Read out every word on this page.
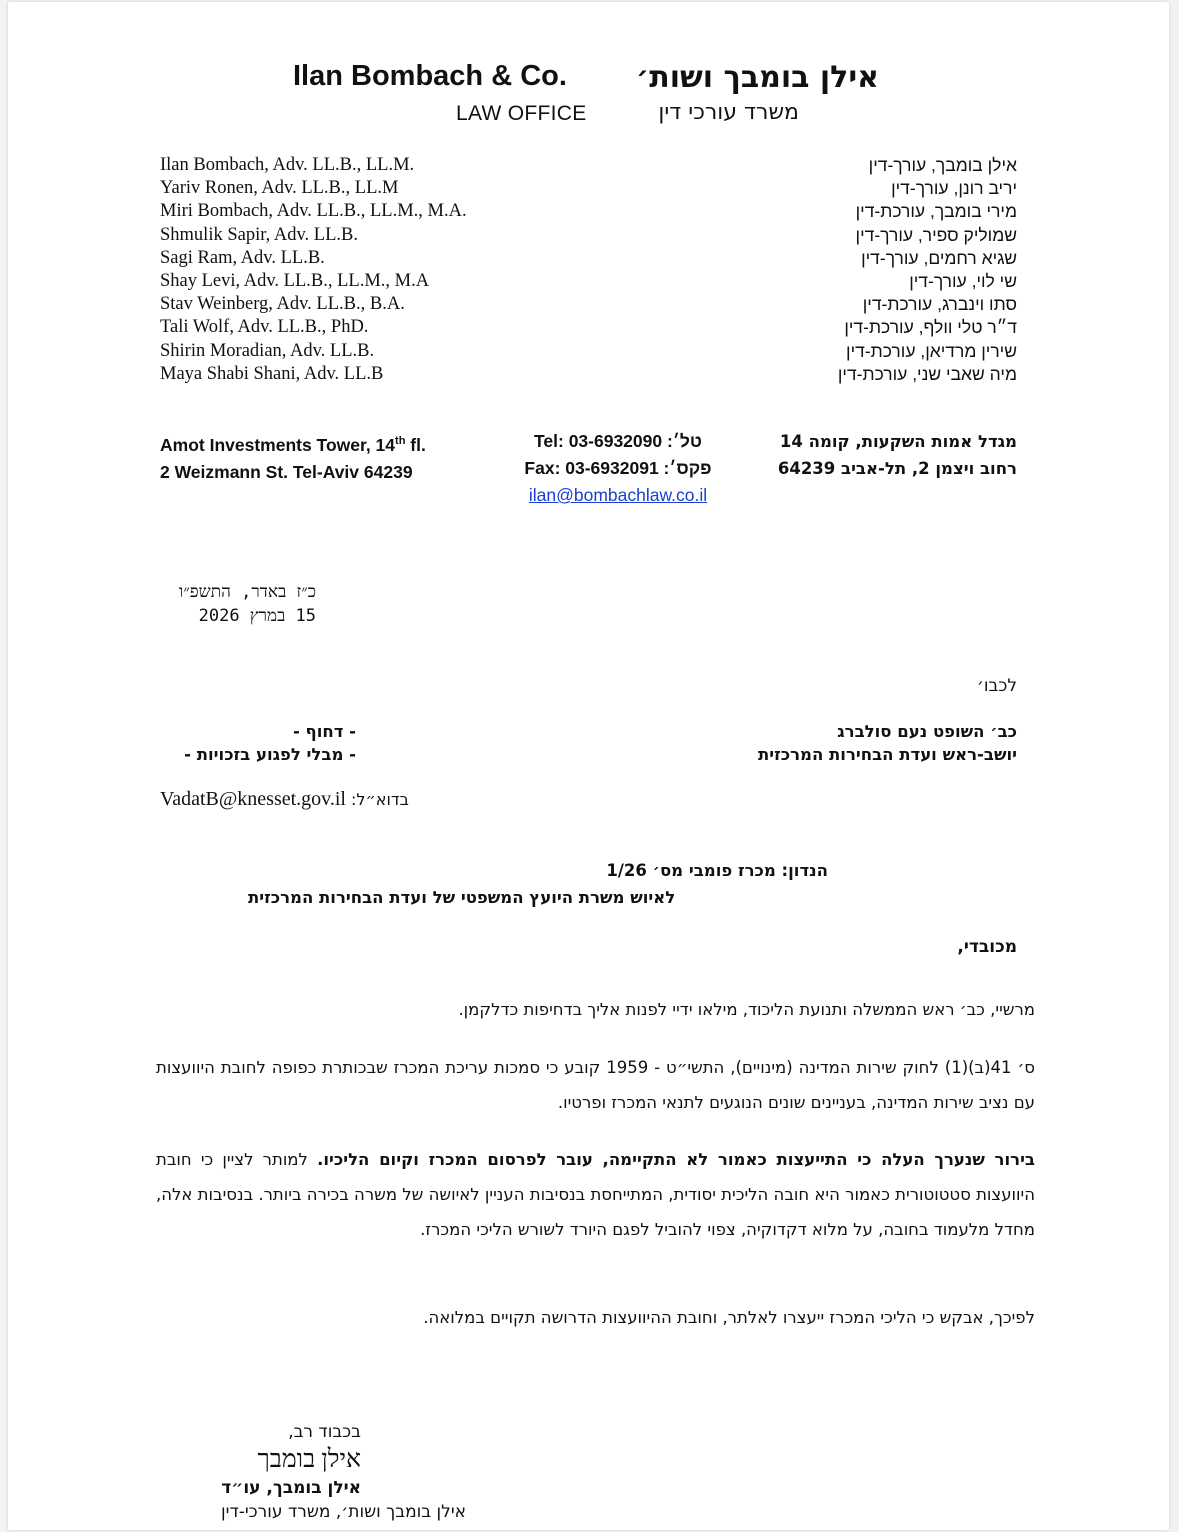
Ilan Bombach & Co.
LAW OFFICE
אילן בומבך ושות׳
משרד עורכי דין
Ilan Bombach, Adv. LL.B., LL.M.
Yariv Ronen, Adv. LL.B., LL.M
Miri Bombach, Adv. LL.B., LL.M., M.A.
Shmulik Sapir, Adv. LL.B.
Sagi Ram, Adv. LL.B.
Shay Levi, Adv. LL.B., LL.M., M.A
Stav Weinberg, Adv. LL.B., B.A.
Tali Wolf, Adv. LL.B., PhD.
Shirin Moradian, Adv. LL.B.
Maya Shabi Shani, Adv. LL.B
אילן בומבך, עורך-דין
יריב רונן, עורך-דין
מירי בומבך, עורכת-דין
שמוליק ספיר, עורך-דין
שגיא רחמים, עורך-דין
שי לוי, עורך-דין
סתו וינברג, עורכת-דין
ד״ר טלי וולף, עורכת-דין
שירין מרדיאן, עורכת-דין
מיה שאבי שני, עורכת-דין
Amot Investments Tower, 14th fl.
2 Weizmann St. Tel-Aviv 64239
Tel: 03-6932090 :טל׳
Fax: 03-6932091 :פקס׳
ilan@bombachlaw.co.il
מגדל אמות השקעות, קומה 14
רחוב ויצמן 2, תל-אביב 64239
כ״ז באדר, התשפ״ו
15 במרץ 2026
לכבו׳
כב׳ השופט נעם סולברג
יושב-ראש ועדת הבחירות המרכזית
- דחוף -
- מבלי לפגוע בזכויות -
VadatB@knesset.gov.il בדוא״ל:
הנדון: מכרז פומבי מס׳ 1/26
לאיוש משרת היועץ המשפטי של ועדת הבחירות המרכזית
מכובדי,
מרשיי, כב׳ ראש הממשלה ותנועת הליכוד, מילאו ידיי לפנות אליך בדחיפות כדלקמן.
ס׳ 41(ב)(1) לחוק שירות המדינה (מינויים), התשי״ט - 1959 קובע כי סמכות עריכת המכרז שבכותרת כפופה לחובת היוועצות עם נציב שירות המדינה, בעניינים שונים הנוגעים לתנאי המכרז ופרטיו.
בירור שנערך העלה כי התייעצות כאמור לא התקיימה, עובר לפרסום המכרז וקיום הליכיו. למותר לציין כי חובת היוועצות סטטוטורית כאמור היא חובה הליכית יסודית, המתייחסת בנסיבות העניין לאיושה של משרה בכירה ביותר. בנסיבות אלה, מחדל מלעמוד בחובה, על מלוא דקדוקיה, צפוי להוביל לפגם היורד לשורש הליכי המכרז.
לפיכך, אבקש כי הליכי המכרז ייעצרו לאלתר, וחובת ההיוועצות הדרושה תקויים במלואה.
בכבוד רב,
אילן בומבך
אילן בומבך, עו״ד
אילן בומבך ושות׳, משרד עורכי-דין
